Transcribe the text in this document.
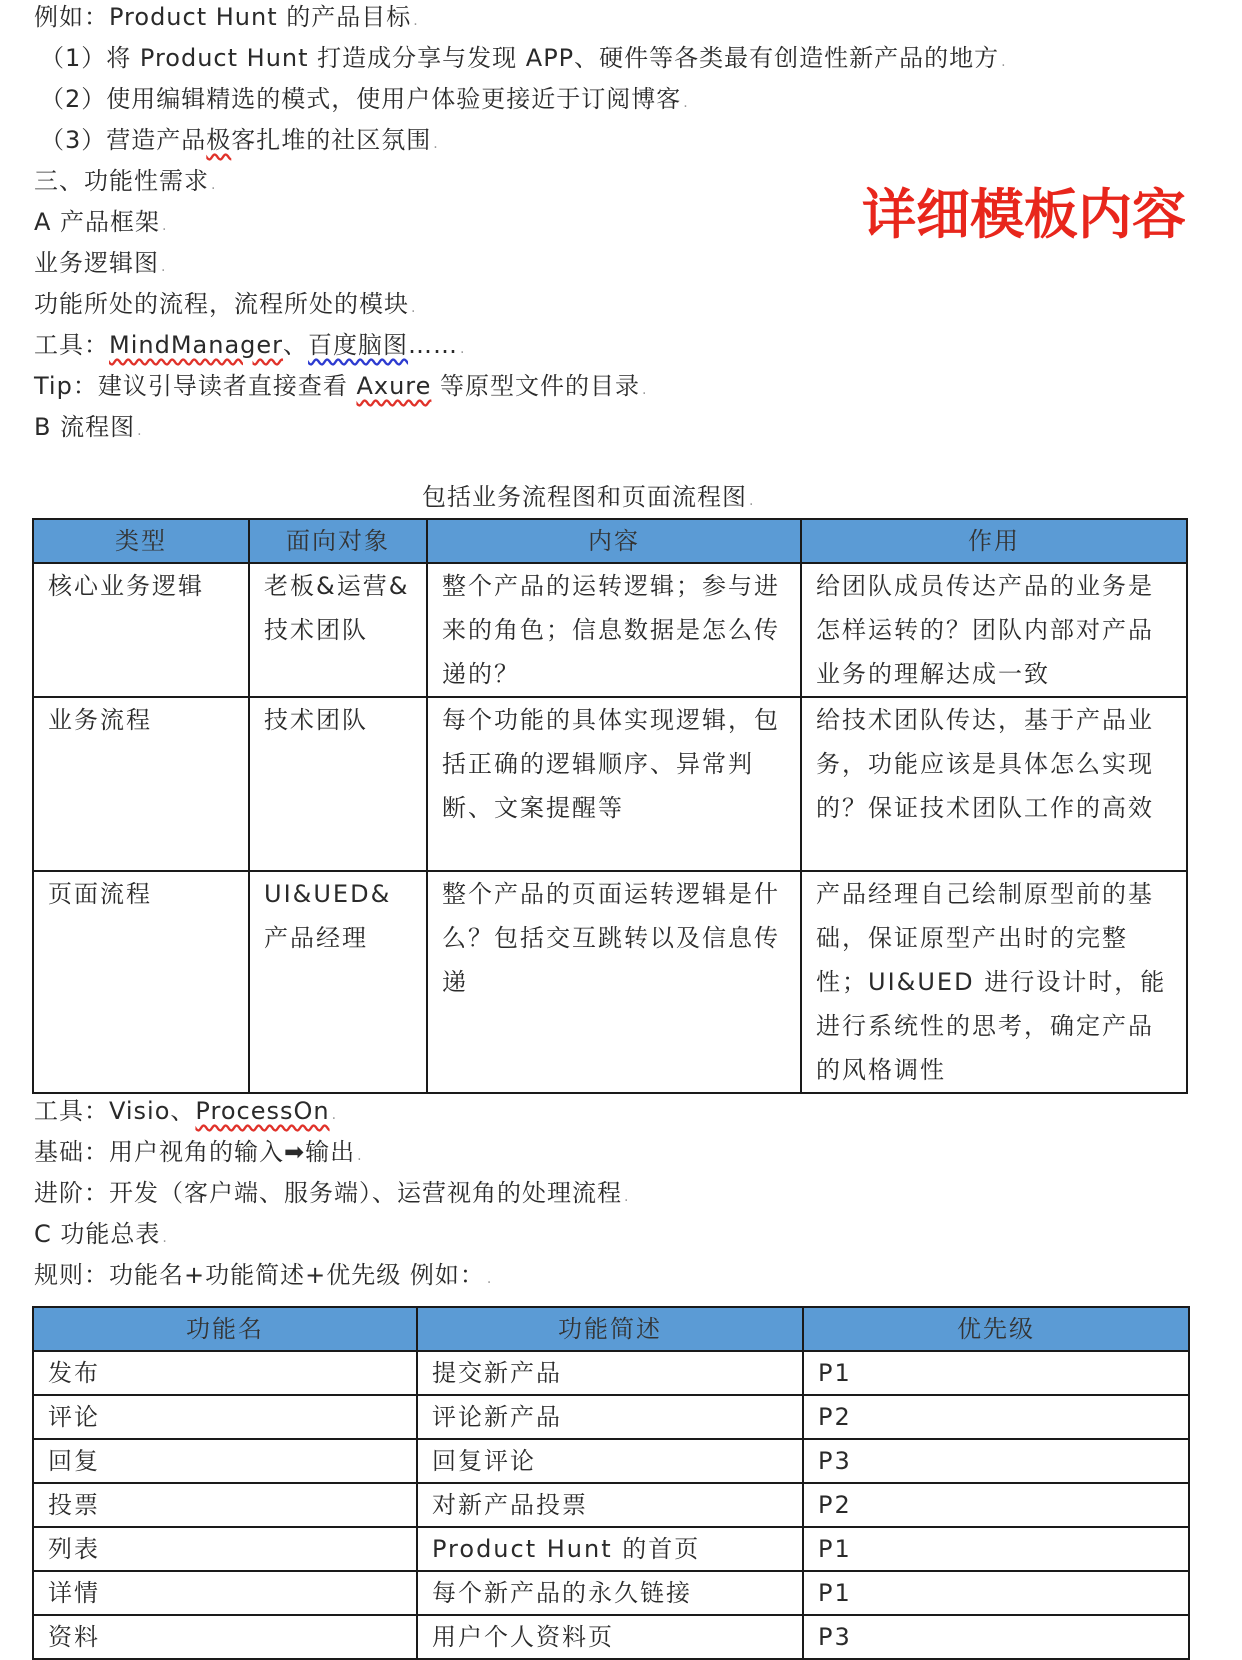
例如：Product Hunt 的产品目标 .
（1）将 Product Hunt 打造成分享与发现 APP、硬件等各类最有创造性新产品的地方 .
（2）使用编辑精选的模式，使用户体验更接近于订阅博客 .
（3）营造产品极客扎堆的社区氛围 .
三、功能性需求 .	详细模板内容
A 产品框架 .
业务逻辑图 .
功能所处的流程，流程所处的模块 .
工具：MindManager、百度脑图…… .
Tip：建议引导读者直接查看 Axure 等原型文件的目录 .
B 流程图 .
包括业务流程图和页面流程图 .
类型	面向对象	内容	作用
核心业务逻辑	老板&运营&技术团队	整个产品的运转逻辑；参与进来的角色；信息数据是怎么传递的？	给团队成员传达产品的业务是怎样运转的？团队内部对产品业务的理解达成一致
业务流程	技术团队	每个功能的具体实现逻辑，包括正确的逻辑顺序、异常判断、文案提醒等	给技术团队传达，基于产品业务，功能应该是具体怎么实现的？保证技术团队工作的高效
页面流程	UI&UED& 产品经理	整个产品的页面运转逻辑是什么？包括交互跳转以及信息传递	产品经理自己绘制原型前的基础，保证原型产出时的完整性；UI&UED 进行设计时，能进行系统性的思考，确定产品的风格调性
工具：Visio、ProcessOn .
基础：用户视角的输入➡输出 .
进阶：开发（客户端、服务端）、运营视角的处理流程 .
C 功能总表 .
规则：功能名+功能简述+优先级 例如： .
功能名	功能简述	优先级
发布	提交新产品	P1
评论	评论新产品	P2
回复	回复评论	P3
投票	对新产品投票	P2
列表	Product Hunt 的首页	P1
详情	每个新产品的永久链接	P1
资料	用户个人资料页	P3
